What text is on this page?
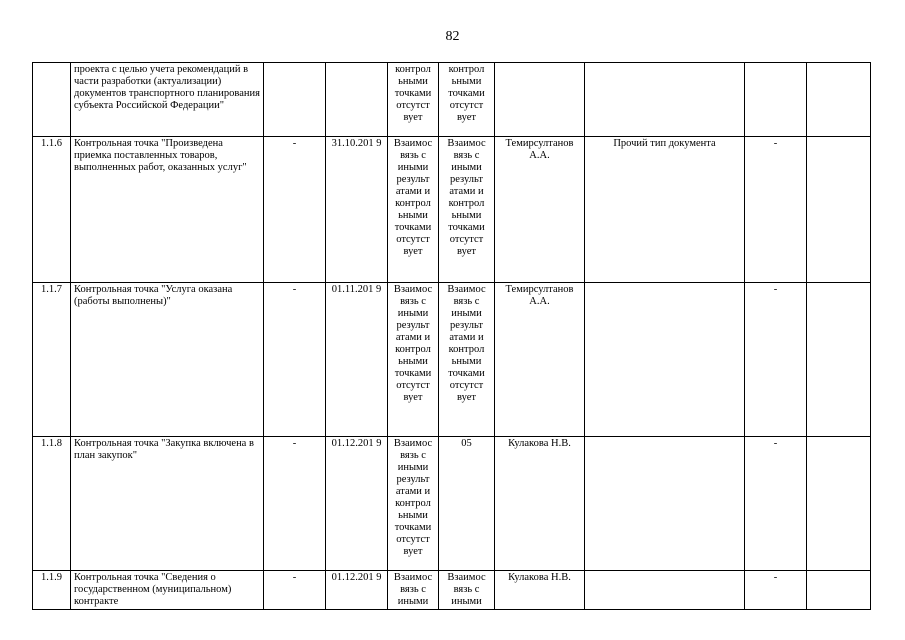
82
	проекта с целью учета рекомендаций в части разработки (актуализации) документов транспортного планирования субъекта Российской Федерации"			контрол ьными точками отсутст вует	контрол ьными точками отсутст вует				
1.1.6	Контрольная точка "Произведена приемка поставленных товаров, выполненных работ, оказанных услуг"	-	31.10.201 9	Взаимос вязь с иными результ атами и контрол ьными точками отсутст вует	Взаимос вязь с иными результ атами и контрол ьными точками отсутст вует	Темирсултанов А.А.	Прочий тип документа	-	
1.1.7	Контрольная точка "Услуга оказана (работы выполнены)"	-	01.11.201 9	Взаимос вязь с иными результ атами и контрол ьными точками отсутст вует	Взаимос вязь с иными результ атами и контрол ьными точками отсутст вует	Темирсултанов А.А.		-	
1.1.8	Контрольная точка "Закупка включена в план закупок"	-	01.12.201 9	Взаимос вязь с иными результ атами и контрол ьными точками отсутст вует	05	Кулакова Н.В.		-	
1.1.9	Контрольная точка "Сведения о государственном (муниципальном) контракте	-	01.12.201 9	Взаимос вязь с иными	Взаимос вязь с иными	Кулакова Н.В.		-	
